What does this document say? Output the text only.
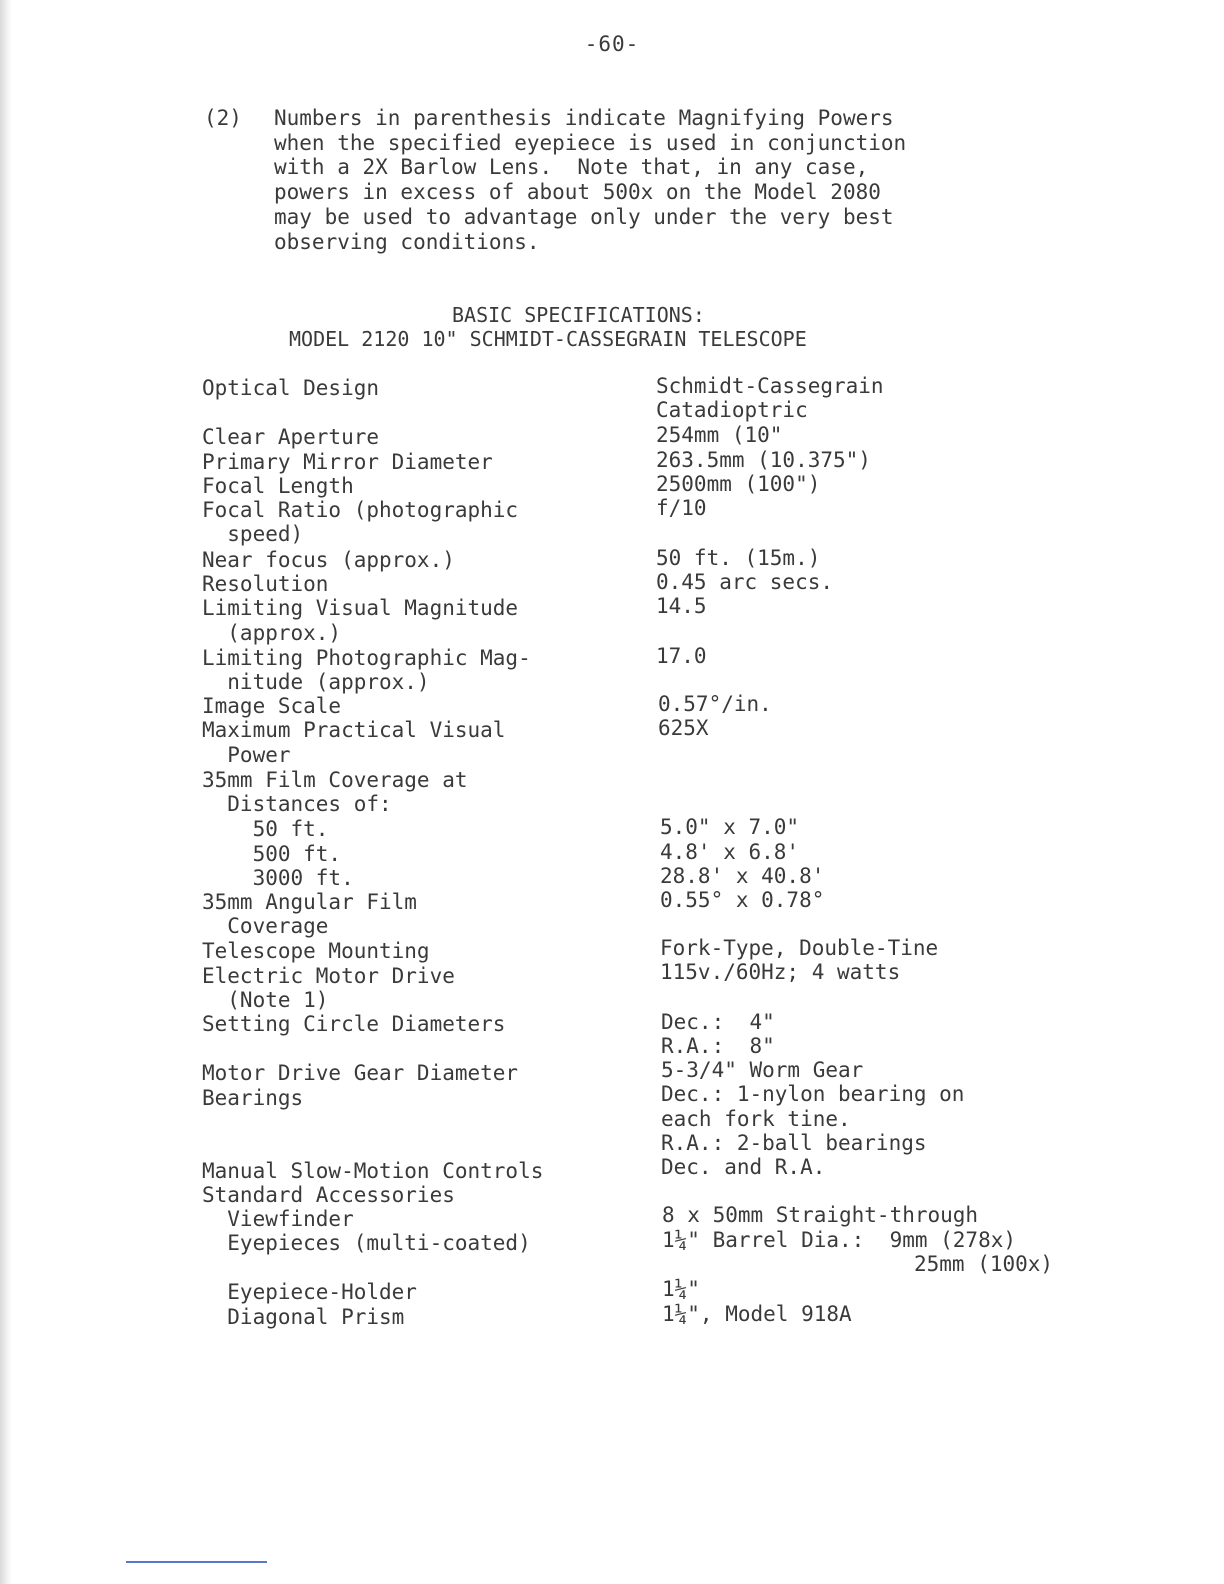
-60-
(2) Numbers in parenthesis indicate Magnifying Powers
when the specified eyepiece is used in conjunction
with a 2X Barlow Lens.  Note that, in any case,
powers in excess of about 500x on the Model 2080
may be used to advantage only under the very best
observing conditions.
BASIC SPECIFICATIONS:
MODEL 2120 10" SCHMIDT-CASSEGRAIN TELESCOPE
Optical Design
Clear Aperture
Primary Mirror Diameter
Focal Length
Focal Ratio (photographic
speed)
Near focus (approx.)
Resolution
Limiting Visual Magnitude
(approx.)
Limiting Photographic Mag-
nitude (approx.)
Image Scale
Maximum Practical Visual
Power
35mm Film Coverage at
Distances of:
50 ft.
500 ft.
3000 ft.
35mm Angular Film
Coverage
Telescope Mounting
Electric Motor Drive
(Note 1)
Setting Circle Diameters
Motor Drive Gear Diameter
Bearings
Manual Slow-Motion Controls
Standard Accessories
Viewfinder
Eyepieces (multi-coated)
Eyepiece-Holder
Diagonal Prism
Schmidt-Cassegrain
Catadioptric
254mm (10"
263.5mm (10.375")
2500mm (100")
f/10
50 ft. (15m.)
0.45 arc secs.
14.5
17.0
0.57°/in.
625X
5.0" x 7.0"
4.8' x 6.8'
28.8' x 40.8'
0.55° x 0.78°
Fork-Type, Double-Tine
115v./60Hz; 4 watts
Dec.:  4"
R.A.:  8"
5-3/4" Worm Gear
Dec.: 1-nylon bearing on
each fork tine.
R.A.: 2-ball bearings
Dec. and R.A.
8 x 50mm Straight-through
1¼" Barrel Dia.:  9mm (278x)
25mm (100x)
1¼"
1¼", Model 918A
